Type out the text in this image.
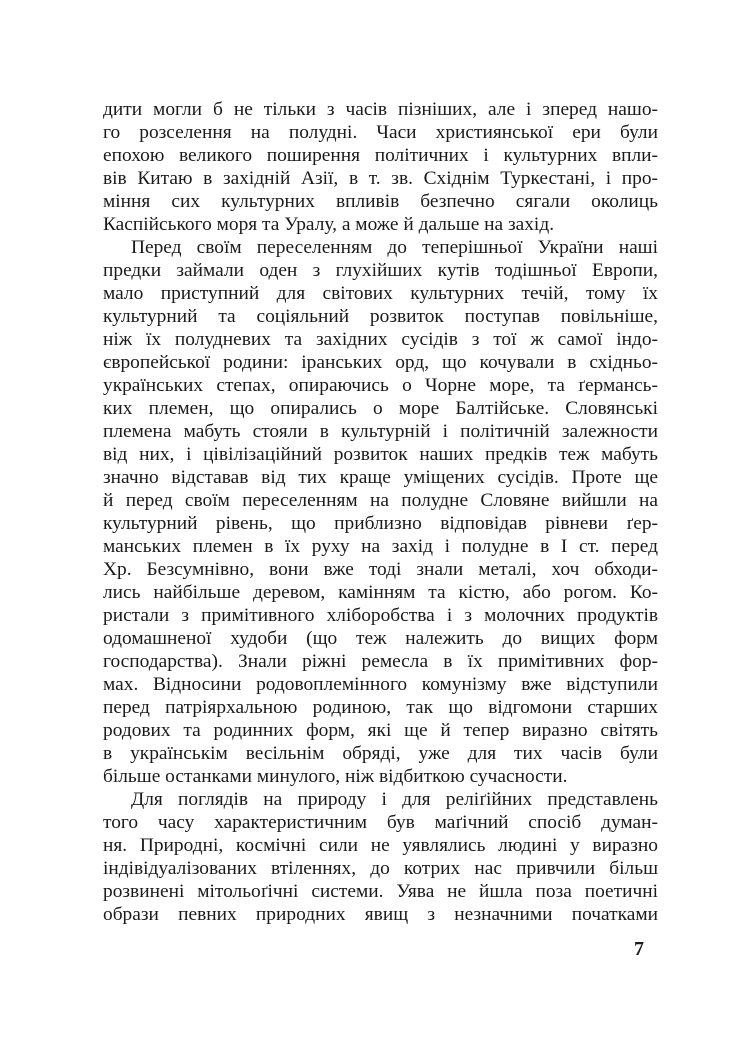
дити могли б не тільки з часів пізніших, але і зперед нашо-
го розселення на полудні. Часи християнської ери були
епохою великого поширення політичних і культурних впли-
вів Китаю в західній Азії, в т. зв. Східнім Туркестані, і про-
міння сих культурних впливів безпечно сягали околиць
Каспійського моря та Уралу, а може й дальше на захід.
Перед своїм переселенням до теперішньої України наші
предки займали оден з глухійших кутів тодішньої Европи,
мало приступний для світових культурних течій, тому їх
культурний та соціяльний розвиток поступав повільніше,
ніж їх полудневих та західних сусідів з тої ж самої індо-
європейської родини: іранських орд, що кочували в східньо-
українських степах, опираючись о Чорне море, та ґермансь-
ких племен, що опирались о море Балтійське. Словянські
племена мабуть стояли в культурній і політичній залежности
від них, і цівілізаційний розвиток наших предків теж мабуть
значно відставав від тих краще уміщених сусідів. Проте ще
й перед своїм переселенням на полудне Словяне вийшли на
культурний рівень, що приблизно відповідав рівневи ґер-
манських племен в їх руху на захід і полудне в I ст. перед
Хр. Безсумнівно, вони вже тоді знали металі, хоч обходи-
лись найбільше деревом, камінням та кістю, або рогом. Ко-
ристали з примітивного хліборобства і з молочних продуктів
одомашненої худоби (що теж належить до вищих форм
господарства). Знали ріжні ремесла в їх примітивних фор-
мах. Відносини родовоплемінного комунізму вже відступили
перед патріярхальною родиною, так що відгомони старших
родових та родинних форм, які ще й тепер виразно світять
в українськім весільнім обряді, уже для тих часів були
більше останками минулого, ніж відбиткою сучасности.
Для поглядів на природу і для реліґійних представлень
того часу характеристичним був маґічний спосіб думан-
ня. Природні, космічні сили не уявлялись людині у виразно
індівідуалізованих втіленнях, до котрих нас привчили більш
розвинені мітольоґічні системи. Уява не йшла поза поетичні
образи певних природних явищ з незначними початками
7
